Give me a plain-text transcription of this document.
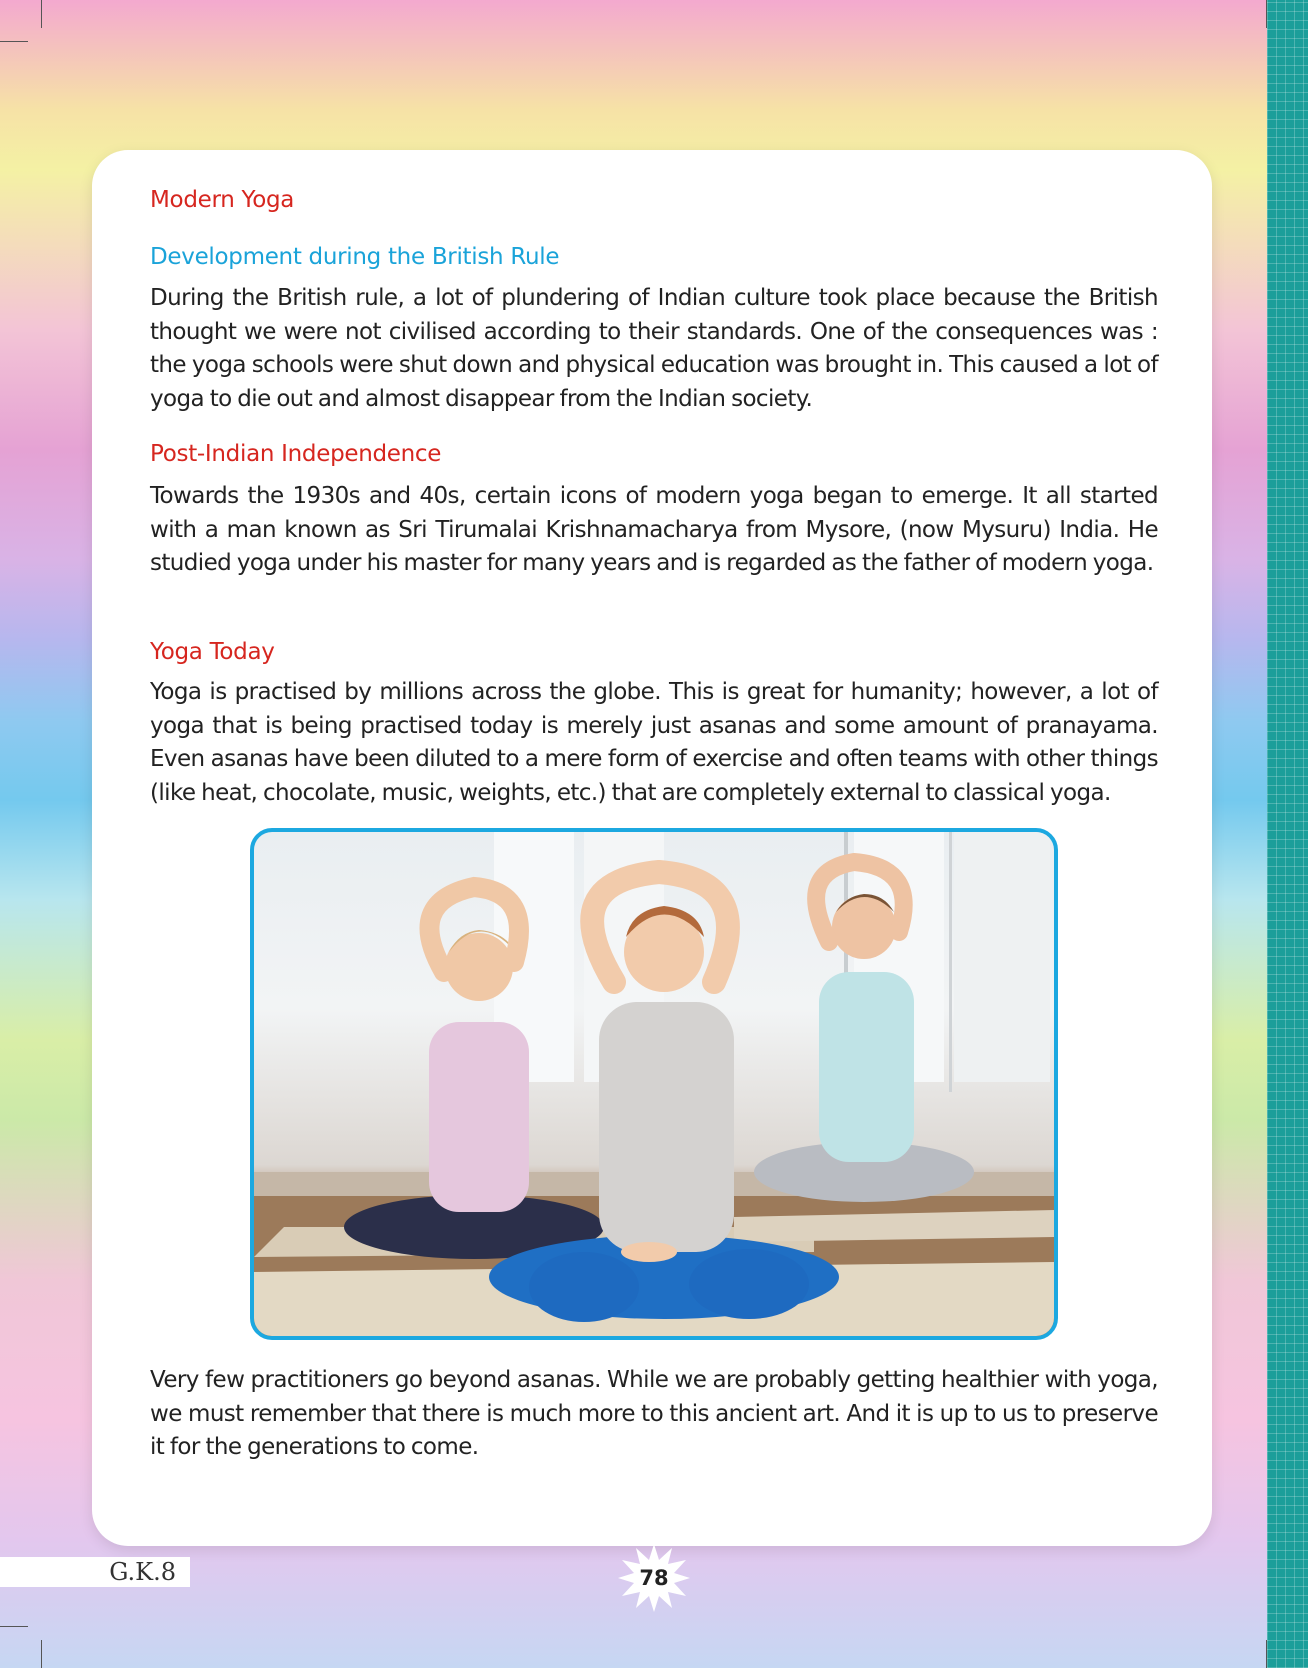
Modern Yoga
Development during the British Rule

During the British rule, a lot of plundering of Indian culture took place because the British thought we were not civilised according to their standards. One of the consequences was : the yoga schools were shut down and physical education was brought in. This caused a lot of yoga to die out and almost disappear from the Indian society.

Post-Indian Independence

Towards the 1930s and 40s, certain icons of modern yoga began to emerge. It all started with a man known as Sri Tirumalai Krishnamacharya from Mysore, (now Mysuru) India. He studied yoga under his master for many years and is regarded as the father of modern yoga.

Yoga Today

Yoga is practised by millions across the globe. This is great for humanity; however, a lot of yoga that is being practised today is merely just asanas and some amount of pranayama. Even asanas have been diluted to a mere form of exercise and often teams with other things (like heat, chocolate, music, weights, etc.) that are completely external to classical yoga.

Very few practitioners go beyond asanas. While we are probably getting healthier with yoga, we must remember that there is much more to this ancient art. And it is up to us to preserve it for the generations to come.

G.K.8	78
